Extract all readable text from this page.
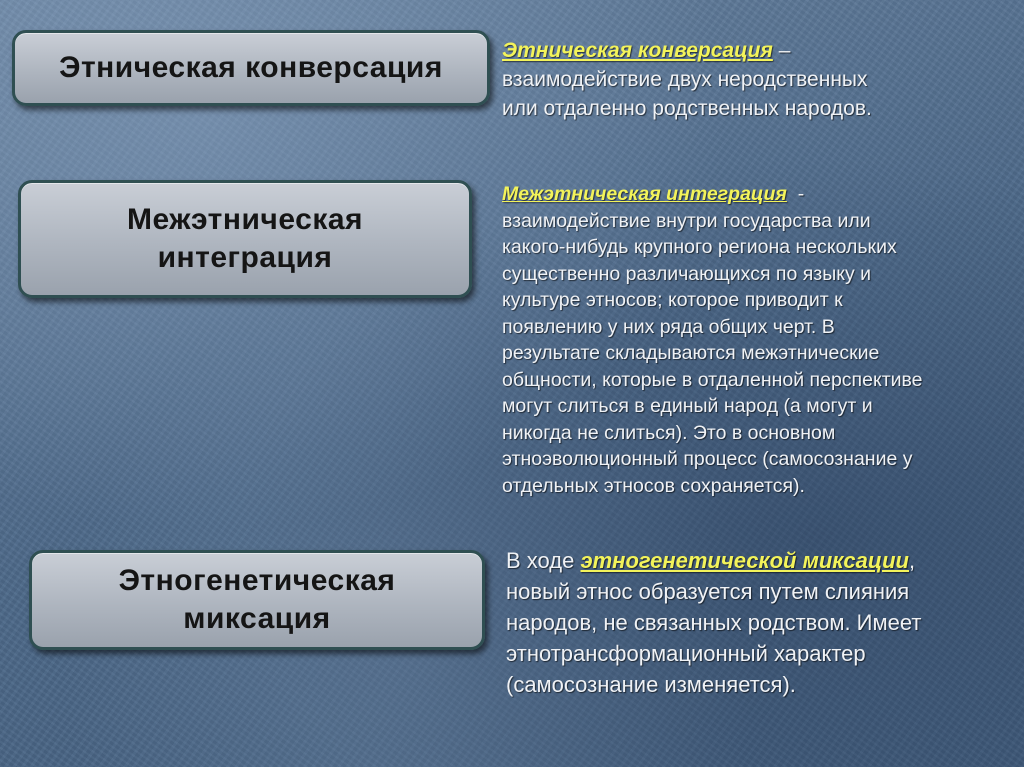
Этническая конверсация
Межэтническая
интеграция
Этногенетическая
миксация
Этническая конверсация –
взаимодействие двух неродственных
или отдаленно родственных народов.
Межэтническая интеграция  -
взаимодействие внутри государства или
какого-нибудь крупного региона нескольких
существенно различающихся по языку и
культуре этносов; которое приводит к
появлению у них ряда общих черт. В
результате складываются межэтнические
общности, которые в отдаленной перспективе
могут слиться в единый народ (а могут и
никогда не слиться). Это в основном
этноэволюционный процесс (самосознание у
отдельных этносов сохраняется).
В ходе этногенетической миксации,
новый этнос образуется путем слияния
народов, не связанных родством. Имеет
этнотрансформационный характер
(самосознание изменяется).
